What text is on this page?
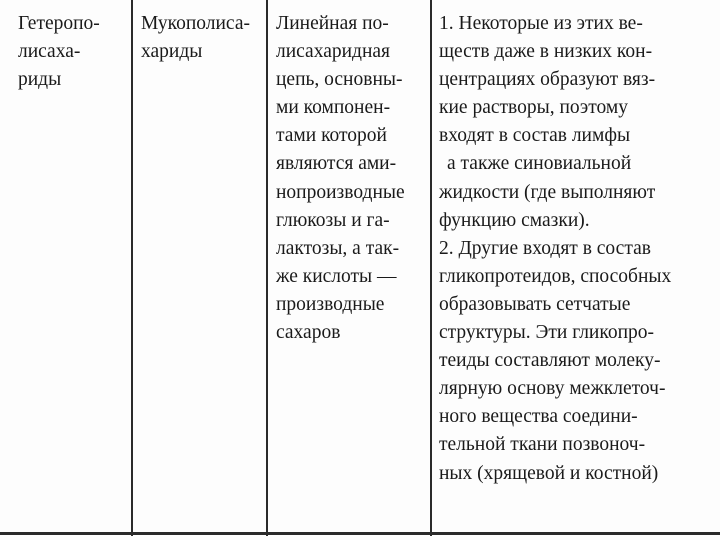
Гетеропо-
лисаха-
риды
Мукополиса-
хариды
Линейная по-
лисахаридная
цепь, основны-
ми компонен-
тами которой
являются ами-
нопроизводные
глюкозы и га-
лактозы, а так-
же кислоты —
производные
сахаров
1. Некоторые из этих ве-
ществ даже в низких кон-
центрациях образуют вяз-
кие растворы, поэтому
входят в состав лимфы
а также синовиальной
жидкости (где выполняют
функцию смазки).
2. Другие входят в состав
гликопротеидов, способных
образовывать сетчатые
структуры. Эти гликопро-
теиды составляют молеку-
лярную основу межклеточ-
ного вещества соедини-
тельной ткани позвоноч-
ных (хрящевой и костной)
